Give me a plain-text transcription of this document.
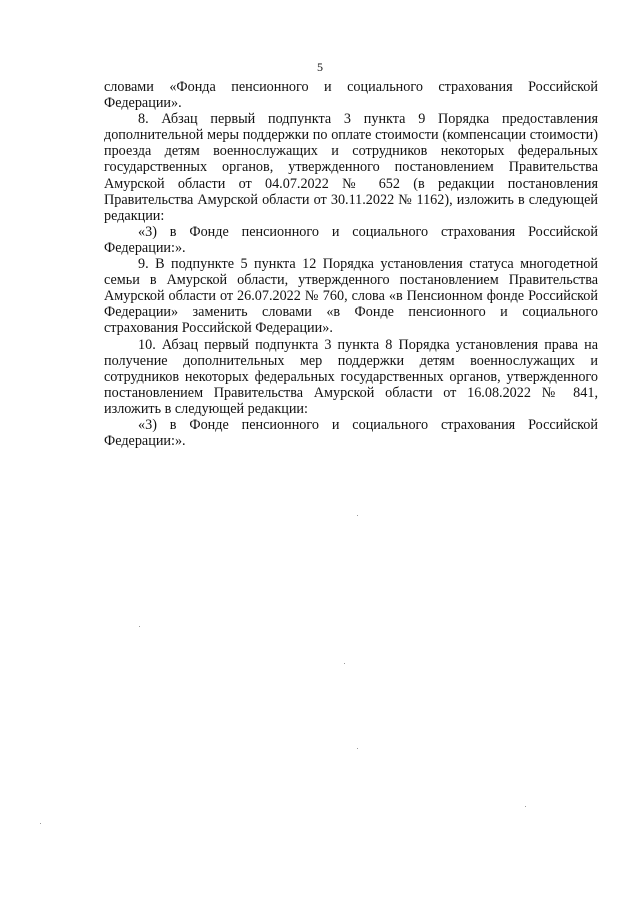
5

словами «Фонда пенсионного и социального страхования Российской Федерации».

8. Абзац первый подпункта 3 пункта 9 Порядка предоставления дополнительной меры поддержки по оплате стоимости (компенсации стоимости) проезда детям военнослужащих и сотрудников некоторых федеральных государственных органов, утвержденного постановлением Правительства Амурской области от 04.07.2022 № 652 (в редакции постановления Правительства Амурской области от 30.11.2022 № 1162), изложить в следующей редакции:

«3) в Фонде пенсионного и социального страхования Российской Федерации:».

9. В подпункте 5 пункта 12 Порядка установления статуса многодетной семьи в Амурской области, утвержденного постановлением Правительства Амурской области от 26.07.2022 № 760, слова «в Пенсионном фонде Российской Федерации» заменить словами «в Фонде пенсионного и социального страхования Российской Федерации».

10. Абзац первый подпункта 3 пункта 8 Порядка установления права на получение дополнительных мер поддержки детям военнослужащих и сотрудников некоторых федеральных государственных органов, утвержденного постановлением Правительства Амурской области от 16.08.2022 № 841, изложить в следующей редакции:

«3) в Фонде пенсионного и социального страхования Российской Федерации:».
